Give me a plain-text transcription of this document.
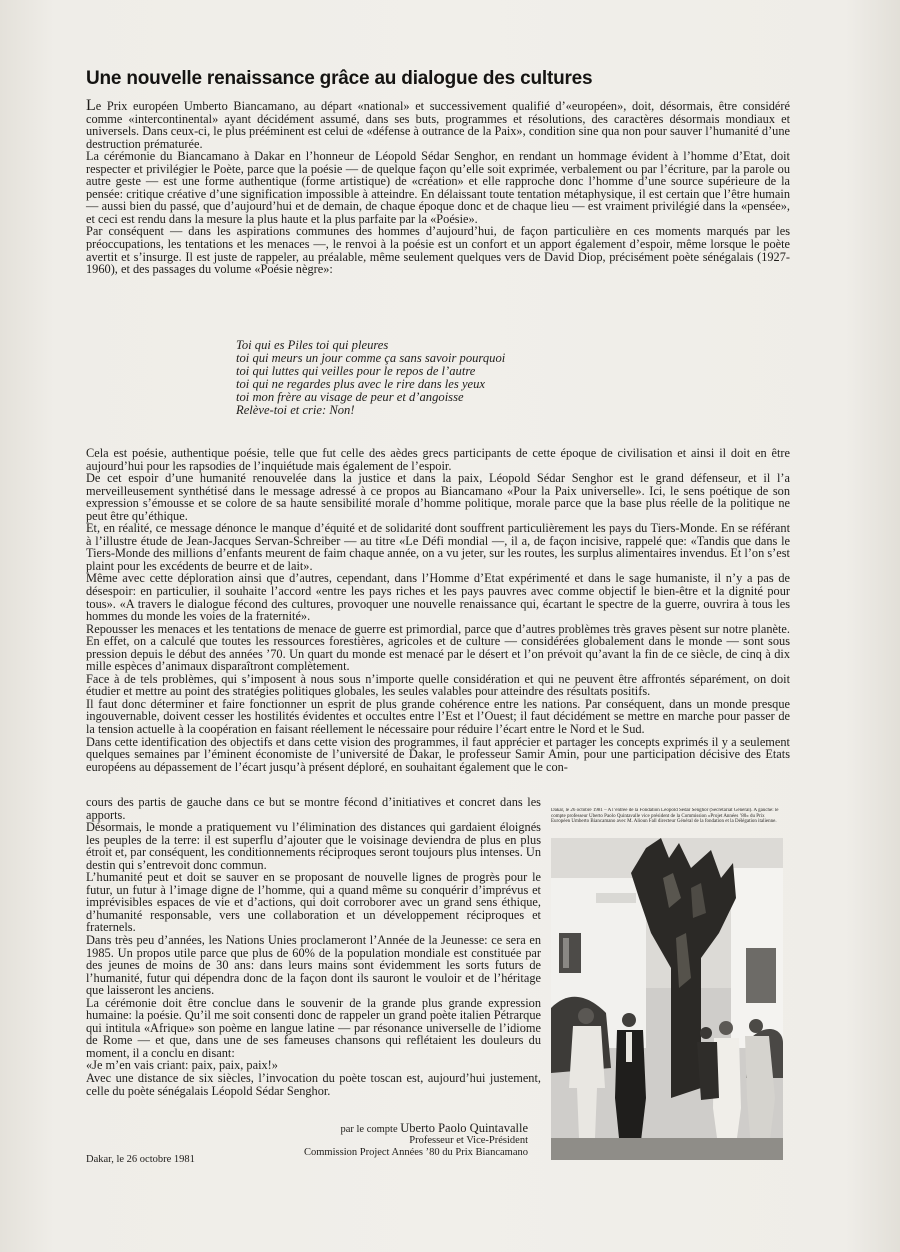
Une nouvelle renaissance grâce au dialogue des cultures

Le Prix européen Umberto Biancamano, au départ «national» et successivement qualifié d’«européen», doit, désormais, être considéré comme «intercontinental» ayant décidément assumé, dans ses buts, programmes et résolutions, des caractères désormais mondiaux et universels. Dans ceux-ci, le plus prééminent est celui de «défense à outrance de la Paix», condition sine qua non pour sauver l’humanité d’une destruction prématurée.

La cérémonie du Biancamano à Dakar en l’honneur de Léopold Sédar Senghor, en rendant un hommage évident à l’homme d’Etat, doit respecter et privilégier le Poète, parce que la poésie — de quelque façon qu’elle soit exprimée, verbalement ou par l’écriture, par la parole ou autre geste — est une forme authentique (forme artistique) de «création» et elle rapproche donc l’homme d’une source supérieure de la pensée: critique créative d’une signification impossible à atteindre. En délaissant toute tentation métaphysique, il est certain que l’être humain — aussi bien du passé, que d’aujourd’hui et de demain, de chaque époque donc et de chaque lieu — est vraiment privilégié dans la «pensée», et ceci est rendu dans la mesure la plus haute et la plus parfaite par la «Poésie».

Par conséquent — dans les aspirations communes des hommes d’aujourd’hui, de façon particulière en ces moments marqués par les préoccupations, les tentations et les menaces —, le renvoi à la poésie est un confort et un apport également d’espoir, même lorsque le poète avertit et s’insurge. Il est juste de rappeler, au préalable, même seulement quelques vers de David Diop, précisément poète sénégalais (1927-1960), et des passages du volume «Poésie nègre»:

Toi qui es Piles toi qui pleures
toi qui meurs un jour comme ça sans savoir pourquoi
toi qui luttes qui veilles pour le repos de l’autre
toi qui ne regardes plus avec le rire dans les yeux
toi mon frère au visage de peur et d’angoisse
Relève-toi et crie: Non!

Cela est poésie, authentique poésie, telle que fut celle des aèdes grecs participants de cette époque de civilisation et ainsi il doit en être aujourd’hui pour les rapsodies de l’inquiétude mais également de l’espoir.

De cet espoir d’une humanité renouvelée dans la justice et dans la paix, Léopold Sédar Senghor est le grand défenseur, et il l’a merveilleusement synthétisé dans le message adressé à ce propos au Biancamano «Pour la Paix universelle». Ici, le sens poétique de son expression s’émousse et se colore de sa haute sensibilité morale d’homme politique, morale parce que la base plus réelle de la politique ne peut être qu’éthique.

Et, en réalité, ce message dénonce le manque d’équité et de solidarité dont souffrent particulièrement les pays du Tiers-Monde. En se référant à l’illustre étude de Jean-Jacques Servan-Schreiber — au titre «Le Défi mondial —, il a, de façon incisive, rappelé que: «Tandis que dans le Tiers-Monde des millions d’enfants meurent de faim chaque année, on a vu jeter, sur les routes, les surplus alimentaires invendus. Et l’on s’est plaint pour les excédents de beurre et de lait».

Même avec cette déploration ainsi que d’autres, cependant, dans l’Homme d’Etat expérimenté et dans le sage humaniste, il n’y a pas de désespoir: en particulier, il souhaite l’accord «entre les pays riches et les pays pauvres avec comme objectif le bien-être et la dignité pour tous». «A travers le dialogue fécond des cultures, provoquer une nouvelle renaissance qui, écartant le spectre de la guerre, ouvrira à tous les hommes du monde les voies de la fraternité».

Repousser les menaces et les tentations de menace de guerre est primordial, parce que d’autres problèmes très graves pèsent sur notre planète. En effet, on a calculé que toutes les ressources forestières, agricoles et de culture — considérées globalement dans le monde — sont sous pression depuis le début des années ’70. Un quart du monde est menacé par le désert et l’on prévoit qu’avant la fin de ce siècle, de cinq à dix mille espèces d’animaux disparaîtront complètement.

Face à de tels problèmes, qui s’imposent à nous sous n’importe quelle considération et qui ne peuvent être affrontés séparément, on doit étudier et mettre au point des stratégies politiques globales, les seules valables pour atteindre des résultats positifs.

Il faut donc déterminer et faire fonctionner un esprit de plus grande cohérence entre les nations. Par conséquent, dans un monde presque ingouvernable, doivent cesser les hostilités évidentes et occultes entre l’Est et l’Ouest; il faut décidément se mettre en marche pour passer de la tension actuelle à la coopération en faisant réellement le nécessaire pour réduire l’écart entre le Nord et le Sud.

Dans cette identification des objectifs et dans cette vision des programmes, il faut apprécier et partager les concepts exprimés il y a seulement quelques semaines par l’éminent économiste de l’université de Dakar, le professeur Samir Amin, pour une participation décisive des Etats européens au dépassement de l’écart jusqu’à présent déploré, en souhaitant également que le con-

cours des partis de gauche dans ce but se montre fécond d’initiatives et concret dans les apports.

Désormais, le monde a pratiquement vu l’élimination des distances qui gardaient éloignés les peuples de la terre: il est superflu d’ajouter que le voisinage deviendra de plus en plus étroit et, par conséquent, les conditionnements réciproques seront toujours plus intenses. Un destin qui s’entrevoit donc commun.

L’humanité peut et doit se sauver en se proposant de nouvelle lignes de progrès pour le futur, un futur à l’image digne de l’homme, qui a quand même su conquérir d’imprévus et imprévisibles espaces de vie et d’actions, qui doit corroborer avec un grand sens éthique, d’humanité responsable, vers une collaboration et un développement réciproques et fraternels.

Dans très peu d’années, les Nations Unies proclameront l’Année de la Jeunesse: ce sera en 1985. Un propos utile parce que plus de 60% de la population mondiale est constituée par des jeunes de moins de 30 ans: dans leurs mains sont évidemment les sorts futurs de l’humanité, futur qui dépendra donc de la façon dont ils sauront le vouloir et de l’héritage que laisseront les anciens.

La cérémonie doit être conclue dans le souvenir de la grande plus grande expression humaine: la poésie. Qu’il me soit consenti donc de rappeler un grand poète italien Pétrarque qui intitula «Afrique» son poème en langue latine — par résonance universelle de l’idiome de Rome — et que, dans une de ses fameuses chansons qui reflétaient les douleurs du moment, il a conclu en disant:

«Je m’en vais criant: paix, paix, paix!»

Avec une distance de six siècles, l’invocation du poète toscan est, aujourd’hui justement, celle du poète sénégalais Léopold Sédar Senghor.

Dakar, le 26 octobre 1981 – A l’entrée de la Fondation Léopold Sédar Senghor (Secrétariat Général). A gauche: le compte professeur Uberto Paolo Quintavalle vice président de la Commission «Projet Années ’80» du Prix Européen Umberto Biancamano avec M. Alioun Fall directeur Général de la fondation et la Délégation italienne.

par le compte Uberto Paolo Quintavalle
Professeur et Vice-Président
Commission Project Années ’80 du Prix Biancamano
Dakar, le 26 octobre 1981
